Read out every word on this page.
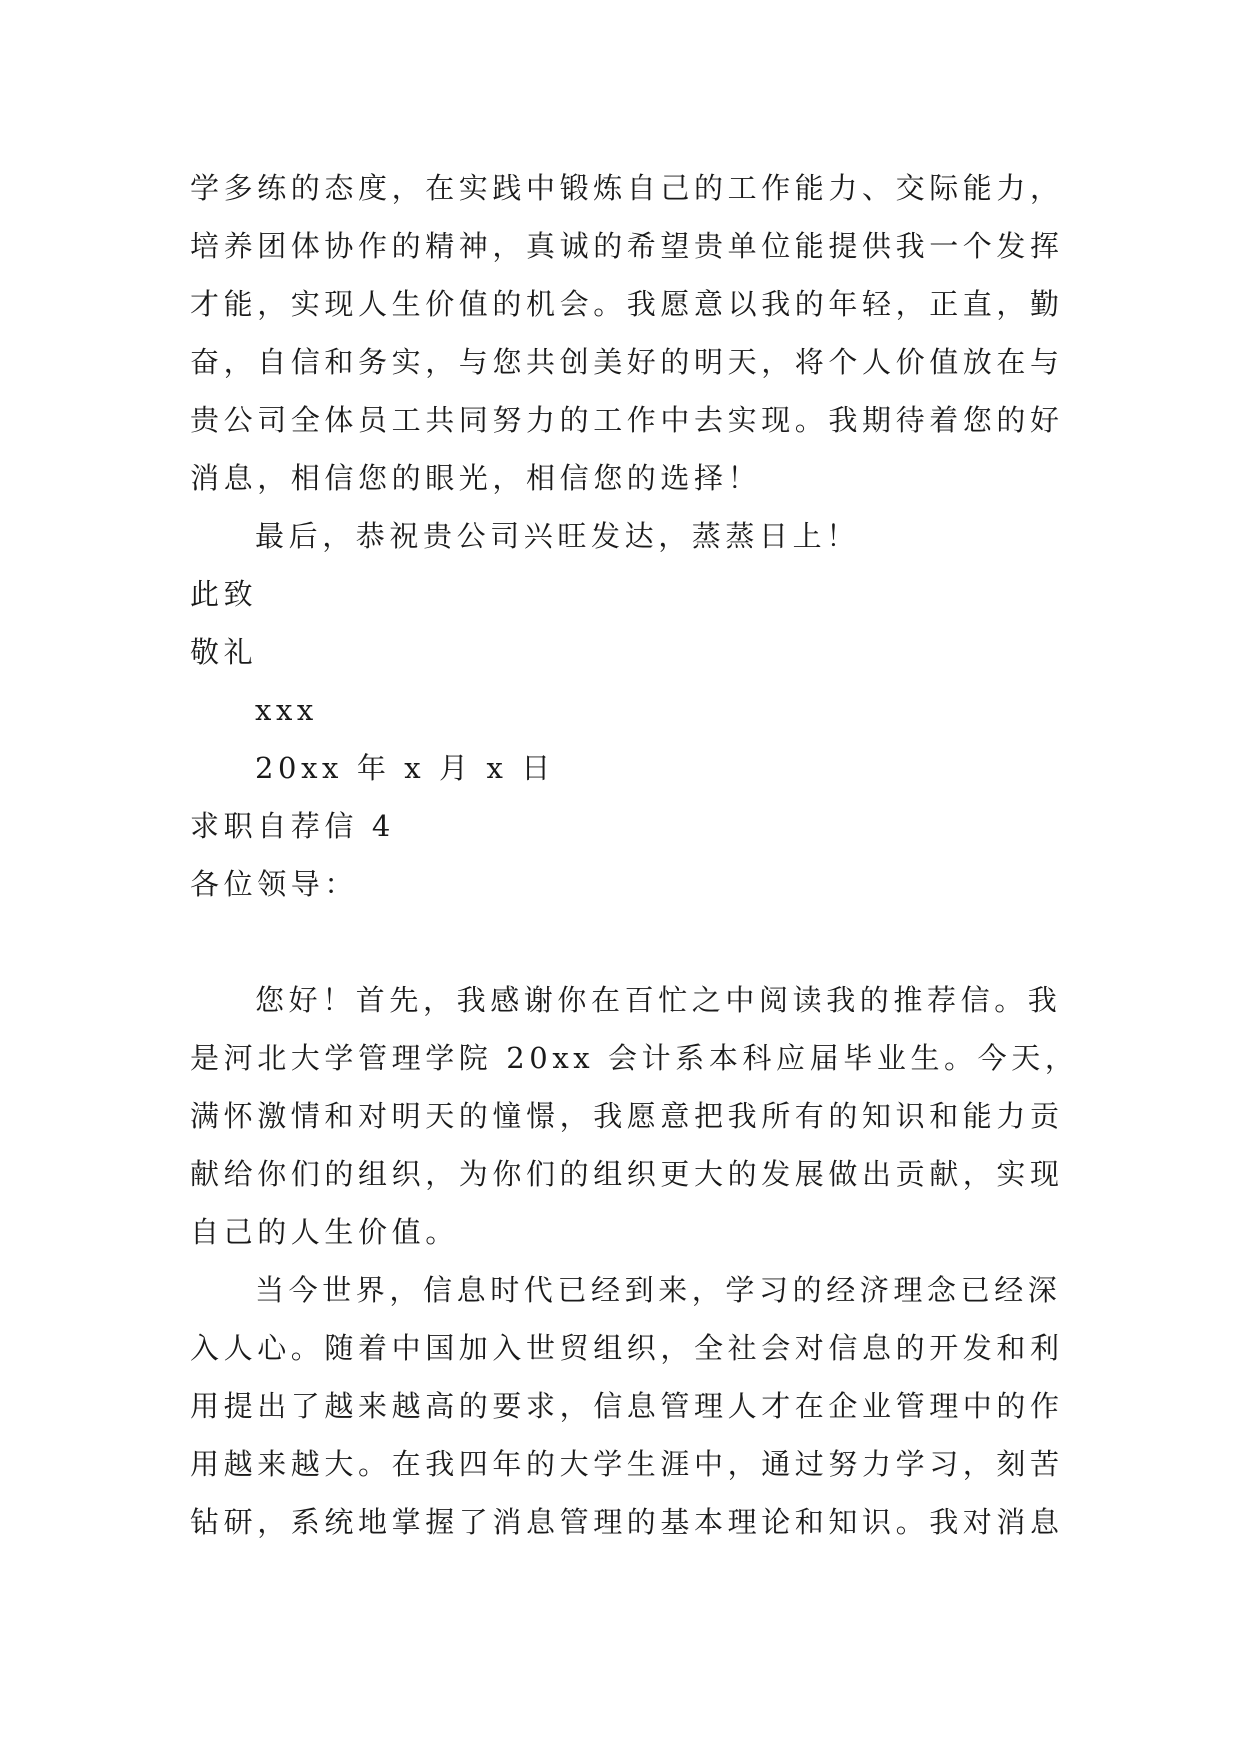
学多练的态度，在实践中锻炼自己的工作能力、交际能力，
培养团体协作的精神，真诚的希望贵单位能提供我一个发挥
才能，实现人生价值的机会。我愿意以我的年轻，正直，勤
奋，自信和务实，与您共创美好的明天，将个人价值放在与
贵公司全体员工共同努力的工作中去实现。我期待着您的好
消息，相信您的眼光，相信您的选择！
最后，恭祝贵公司兴旺发达，蒸蒸日上！
此致
敬礼
xxx
20xx 年 x 月 x 日
求职自荐信 4
各位领导：
您好！首先，我感谢你在百忙之中阅读我的推荐信。我
是河北大学管理学院 20xx 会计系本科应届毕业生。今天，
满怀激情和对明天的憧憬，我愿意把我所有的知识和能力贡
献给你们的组织，为你们的组织更大的发展做出贡献，实现
自己的人生价值。
当今世界，信息时代已经到来，学习的经济理念已经深
入人心。随着中国加入世贸组织，全社会对信息的开发和利
用提出了越来越高的要求，信息管理人才在企业管理中的作
用越来越大。在我四年的大学生涯中，通过努力学习，刻苦
钻研，系统地掌握了消息管理的基本理论和知识。我对消息
